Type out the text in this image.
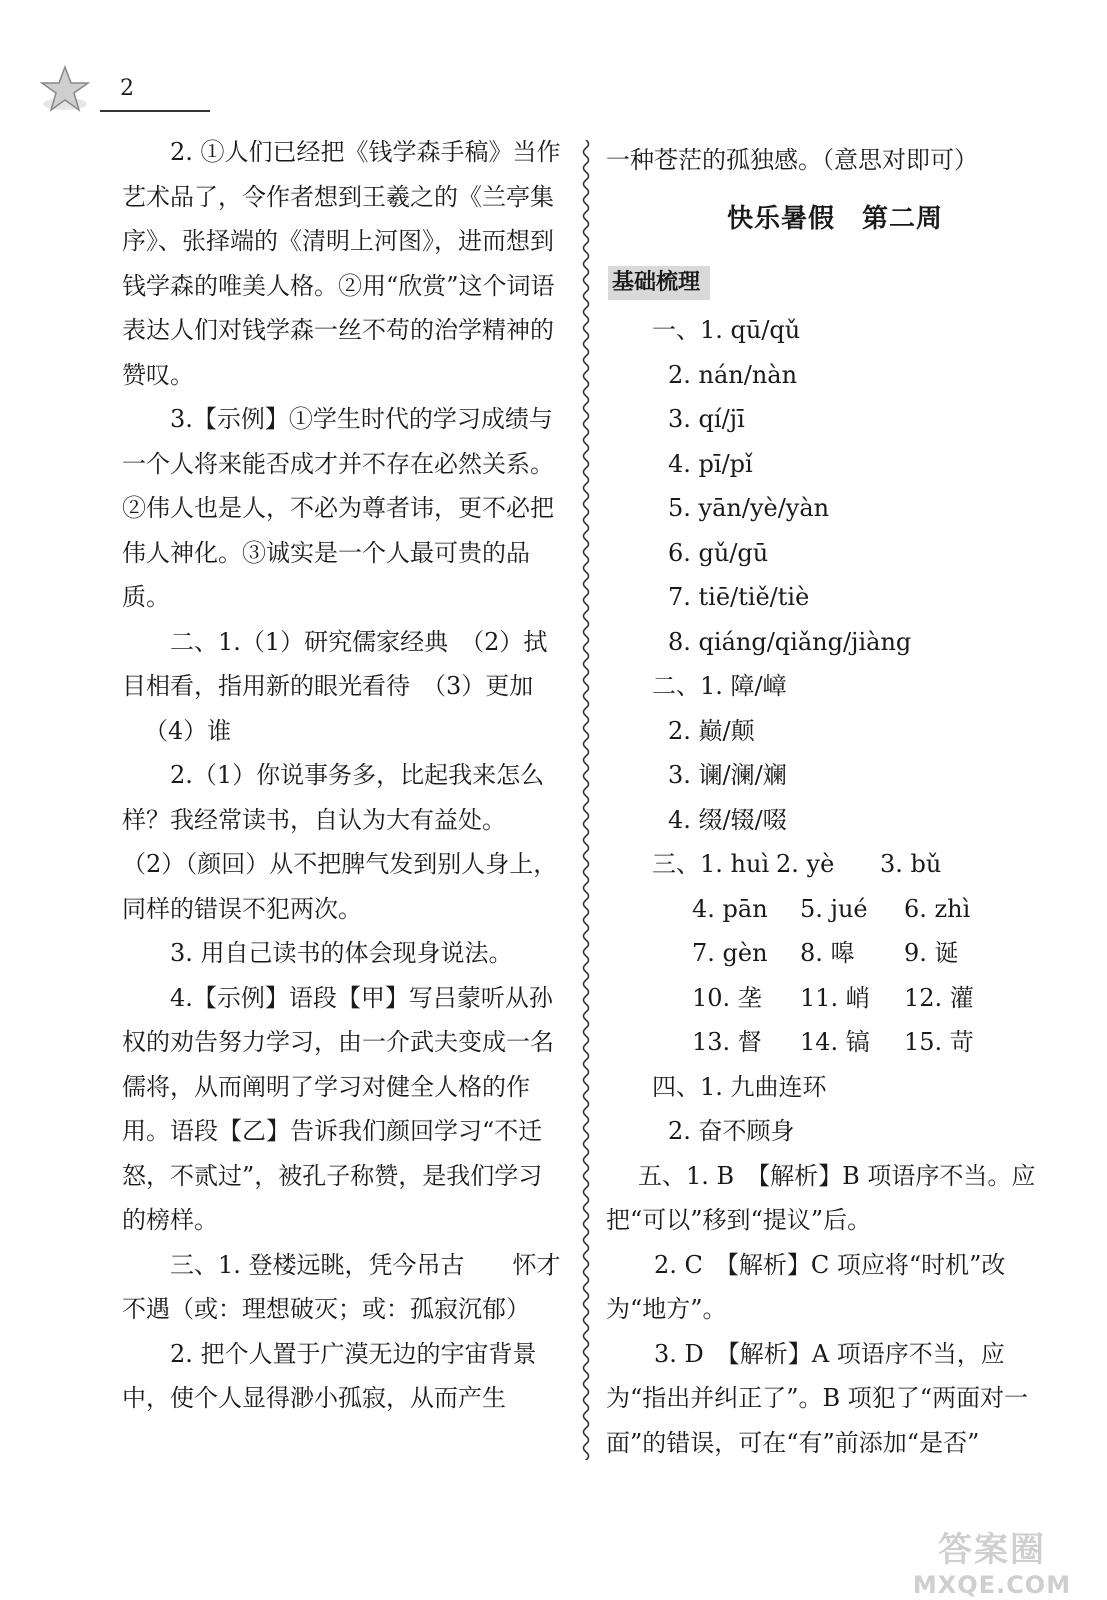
2

2. ①人们已经把《钱学森手稿》当作艺术品了，令作者想到王羲之的《兰亭集序》、张择端的《清明上河图》，进而想到钱学森的唯美人格。②用“欣赏”这个词语表达人们对钱学森一丝不苟的治学精神的赞叹。

3.【示例】①学生时代的学习成绩与一个人将来能否成才并不存在必然关系。②伟人也是人，不必为尊者讳，更不必把伟人神化。③诚实是一个人最可贵的品质。

二、1.（1）研究儒家经典　（2）拭目相看，指用新的眼光看待　（3）更加

（4）谁

2.（1）你说事务多，比起我来怎么样？我经常读书，自认为大有益处。

（2）（颜回）从不把脾气发到别人身上，同样的错误不犯两次。

3. 用自己读书的体会现身说法。

4.【示例】语段【甲】写吕蒙听从孙权的劝告努力学习，由一介武夫变成一名儒将，从而阐明了学习对健全人格的作用。语段【乙】告诉我们颜回学习“不迁怒，不贰过”，被孔子称赞，是我们学习的榜样。

三、1. 登楼远眺，凭今吊古　　怀才不遇（或：理想破灭；或：孤寂沉郁）

2. 把个人置于广漠无边的宇宙背景中，使个人显得渺小孤寂，从而产生

一种苍茫的孤独感。（意思对即可）

快乐暑假　第二周

基础梳理

一、1. qū/qǔ

2. nán/nàn

3. qí/jī

4. pī/pǐ

5. yān/yè/yàn

6. gǔ/gū

7. tiē/tiě/tiè

8. qiáng/qiǎng/jiàng

二、1. 障/嶂

2. 巅/颠

3. 谰/澜/斓

4. 缀/辍/啜

三、1. huì 2. yè	3. bǔ
4. pān	5. jué	6. zhì
7. gèn	8. 嗥	9. 诞
10. 垄	11. 峭	12. 灌
13. 督	14. 镐	15. 苛

四、1. 九曲连环

2. 奋不顾身

五、1. B　【解析】B 项语序不当。应把“可以”移到“提议”后。

2. C　【解析】C 项应将“时机”改为“地方”。

3. D　【解析】A 项语序不当，应为“指出并纠正了”。B 项犯了“两面对一面”的错误，可在“有”前添加“是否”

答案圈
MXQE.COM
